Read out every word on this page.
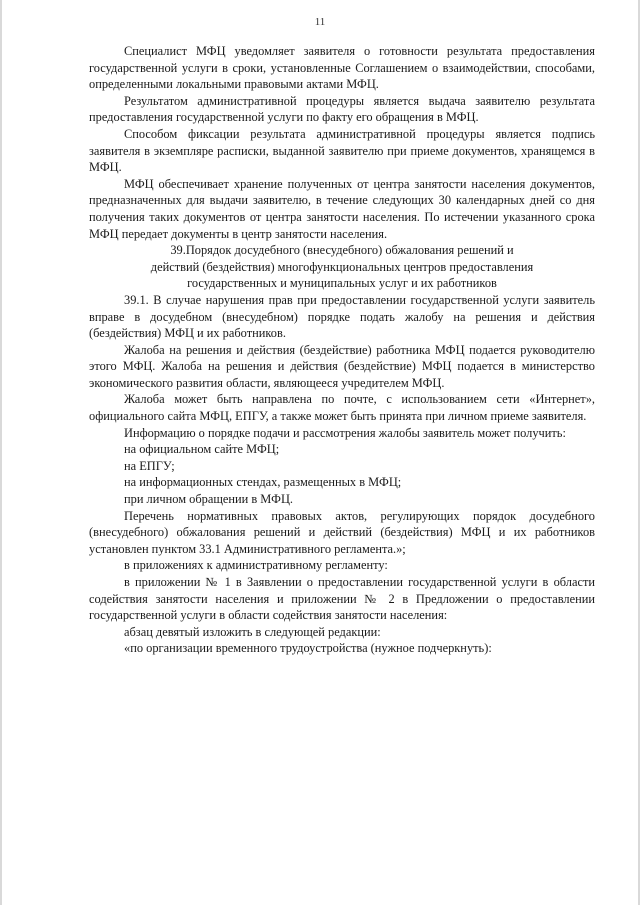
11

Специалист МФЦ уведомляет заявителя о готовности результата предоставления государственной услуги в сроки, установленные Соглашением о взаимодействии, способами, определенными локальными правовыми актами МФЦ.

Результатом административной процедуры является выдача заявителю результата предоставления государственной услуги по факту его обращения в МФЦ.

Способом фиксации результата административной процедуры является подпись заявителя в экземпляре расписки, выданной заявителю при приеме документов, хранящемся в МФЦ.

МФЦ обеспечивает хранение полученных от центра занятости населения документов, предназначенных для выдачи заявителю, в течение следующих 30 календарных дней со дня получения таких документов от центра занятости населения. По истечении указанного срока МФЦ передает документы в центр занятости населения.

39.Порядок досудебного (внесудебного) обжалования решений и действий (бездействия) многофункциональных центров предоставления государственных и муниципальных услуг и их работников

39.1. В случае нарушения прав при предоставлении государственной услуги заявитель вправе в досудебном (внесудебном) порядке подать жалобу на решения и действия (бездействия) МФЦ и их работников.

Жалоба на решения и действия (бездействие) работника МФЦ подается руководителю этого МФЦ. Жалоба на решения и действия (бездействие) МФЦ подается в министерство экономического развития области, являющееся учредителем МФЦ.

Жалоба может быть направлена по почте, с использованием сети «Интернет», официального сайта МФЦ, ЕПГУ, а также может быть принята при личном приеме заявителя.

Информацию о порядке подачи и рассмотрения жалобы заявитель может получить:

на официальном сайте МФЦ;

на ЕПГУ;

на информационных стендах, размещенных в МФЦ;

при личном обращении в МФЦ.

Перечень нормативных правовых актов, регулирующих порядок досудебного (внесудебного) обжалования решений и действий (бездействия) МФЦ и их работников установлен пунктом 33.1 Административного регламента.»;

в приложениях к административному регламенту:

в приложении № 1 в Заявлении о предоставлении государственной услуги в области содействия занятости населения и приложении № 2 в Предложении о предоставлении государственной услуги в области содействия занятости населения:

абзац девятый изложить в следующей редакции:

«по организации временного трудоустройства (нужное подчеркнуть):
